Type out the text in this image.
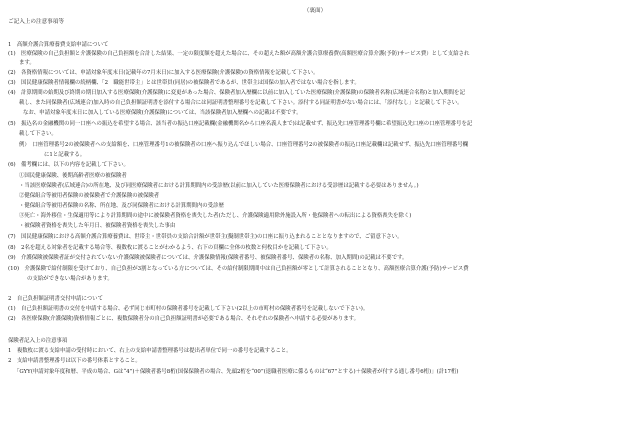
（裏面）
ご記入上の注意事項等
1　高額介護合算療養費支給申請について
(1)　医療保険の自己負担額と介護保険の自己負担額を合計した結果、一定の限度額を超えた場合に、その超えた額が高額介護合算療養費(高額医療合算介護(予防)サービス費）として支給され
ます。
(2)　各資格情報については、申請対象年度末日(記載年の7月末日)に加入する医療保険(介護保険)の資格情報を記載して下さい。
(3)　国民健康保険者情報欄の続柄欄、「2　職能世帯主」とは世帯員(同居)の被保険者であるが、世帯主は国保の加入者ではない場合を指します。
(4)　計算期間の始期及び終期の期日加入する医療保険(介護保険)に変更があった場合、保険者加入歴欄に以前に加入していた医療保険(介護保険)の保険者名称(広域連合名称)と加入期間を記
載し、また同保険者(広域連合)加入時の自己負担額証明書を添付する場合には同証明書整理番号を記載して下さい。添付する同証明書がない場合には、「添付なし」と記載して下さい。
なお、申請対象年度末日に加入している医療保険(介護保険)については、当該保険者加入歴欄への記載は不要です。
(5)　振込名の金融機関の同一口座への振込を希望する場合、該当者の振込口座記載欄(金融機関名から口座名義人まで)は記載せず、振込先口座管理番号欄に希望振込先口座の口座管理番号を記
載して下さい。
例）　口座管理番号2の被保険者への支給額を、口座管理番号1の被保険者の口座へ振り込んでほしい場合、口座管理番号2の被保険者の振込口座記載欄は記載せず、振込先口座管理番号欄
に1と記載する。
(6)　備考欄には、以下の内容を記載して下さい。
①国民健康保険、後期高齢者医療の被保険者
・当該医療保険者(広域連合)の所在地、及び同医療保険者における計算期間内の受診歴(以前に加入していた医療保険者における受診歴は記載する必要はありません。)
②健保組合等被用者保険の被保険者で介護保険の被保険者
・健保組合等被用者保険の名称、所在地、及び同保険者における計算期間内の受診歴
③死亡・海外移住・生保適用等により計算期間の途中に被保険者資格を喪失した者(ただし、介護保険適用除外施設入所・他保険者への転出による資格喪失を除く)
・被保険者資格を喪失した年月日、被保険者資格を喪失した事由
(7)　国民健康保険における高額介護合算療養費は、世帯主・世帯員の支給合計額が世帯主(擬制世帯主)の口座に振り込まれることとなりますので、ご留意下さい。
(8)　2名を超える対象者を記載する場合等、複数枚に渡ることがわかるよう、右下の頁欄に全体の枚数と何枚目かを記載して下さい。
(9)　介護保険被保険者証が交付されていない介護保険被保険者については、介護保険情報(保険者番号、被保険者番号、保険者の名称、加入期間)の記載は不要です。
(10)　介護保険で給付制限を受けており、自己負担が3割となっている方については、その給付制限期間中は自己負担額が零として計算されることとなり、高額医療合算介護(予防)サービス費
の支給ができない場合があります。
2　自己負担額証明書交付申請について
(1)　自己負担額証明書の交付を申請する場合、必ず同じ市町村の保険者番号を記載して下さい(2以上の市町村の保険者番号を記載しないで下さい)。
(2)　各医療保険(介護保険)資格情報ごとに、複数保険者分の自己負担額証明書が必要である場合、それぞれの保険者へ申請する必要があります。
保険者記入上の注意事項
1　複数枚に渡る支給申請の受付時において、右上の支給申請書整理番号は提出者単位で同一の番号を記載すること。
2　支給申請書整理番号は以下の番号体系とすること。
「GYY(申請対象年度和暦、平成の場合、Gは“4”)＋保険者番号8桁(国保保険者の場合、先頭2桁を“00”(退職者医療に係るものは“67”とする)＋保険者が付する通し番号6桁)」(計17桁)
